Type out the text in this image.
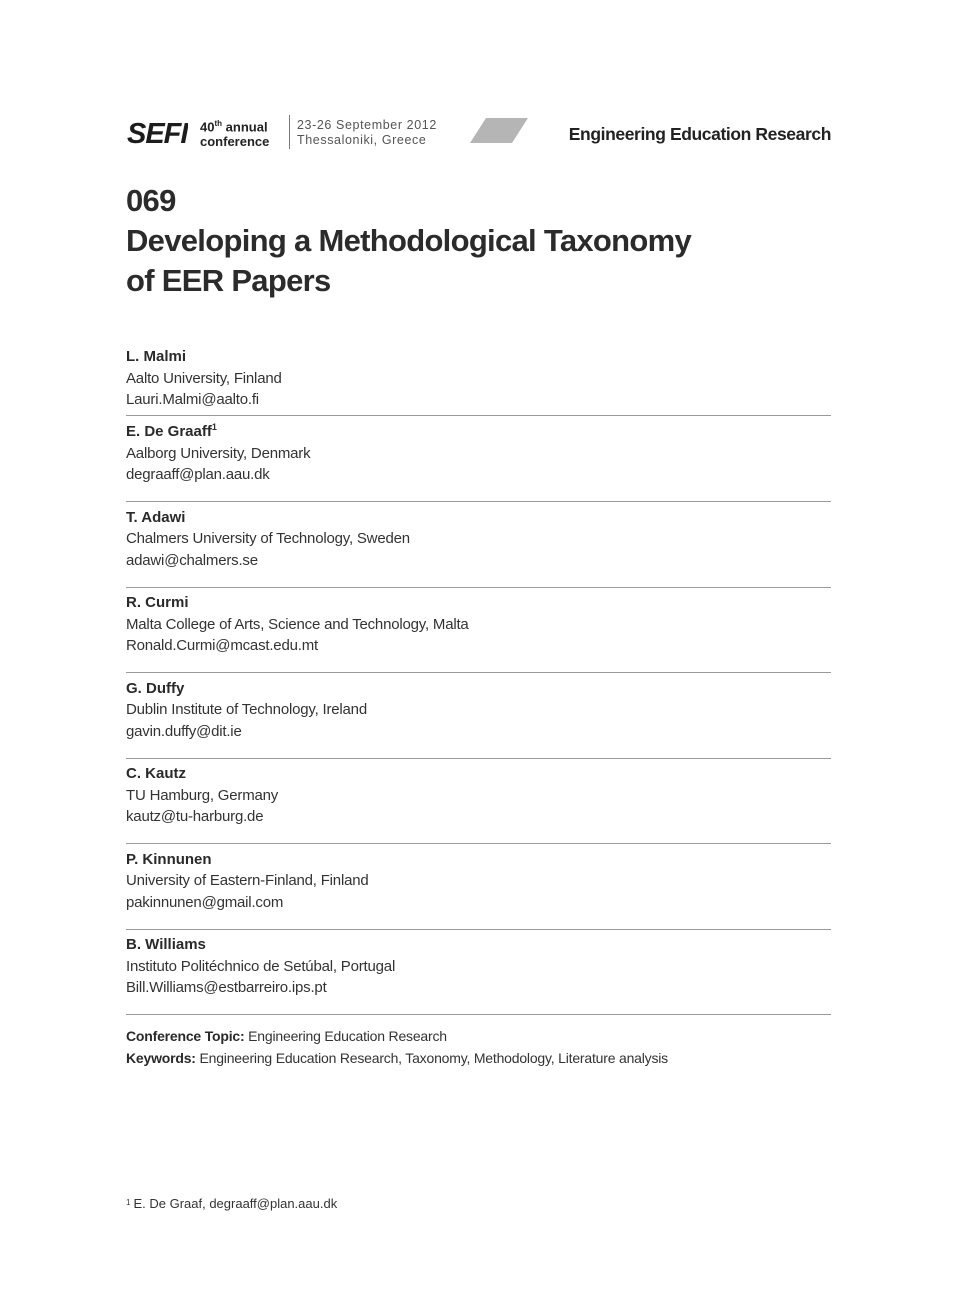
SEFI 40th annual
conference
23-26 September 2012
Thessaloniki, Greece	Engineering Education Research
069
Developing a Methodological Taxonomy
of EER Papers
L. Malmi
Aalto University, Finland
Lauri.Malmi@aalto.fi
E. De Graaff$^1$
Aalborg University, Denmark
degraaff@plan.aau.dk
T. Adawi
Chalmers University of Technology, Sweden
adawi@chalmers.se
R. Curmi
Malta College of Arts, Science and Technology, Malta
Ronald.Curmi@mcast.edu.mt
G. Duffy
Dublin Institute of Technology, Ireland
gavin.duffy@dit.ie
C. Kautz
TU Hamburg, Germany
kautz@tu-harburg.de
P. Kinnunen
University of Eastern-Finland, Finland
pakinnunen@gmail.com
B. Williams
Instituto Politéchnico de Setúbal, Portugal
Bill.Williams@estbarreiro.ips.pt
Conference Topic: Engineering Education Research
Keywords: Engineering Education Research, Taxonomy, Methodology, Literature analysis
$^1$ E. De Graaf, degraaff@plan.aau.dk
